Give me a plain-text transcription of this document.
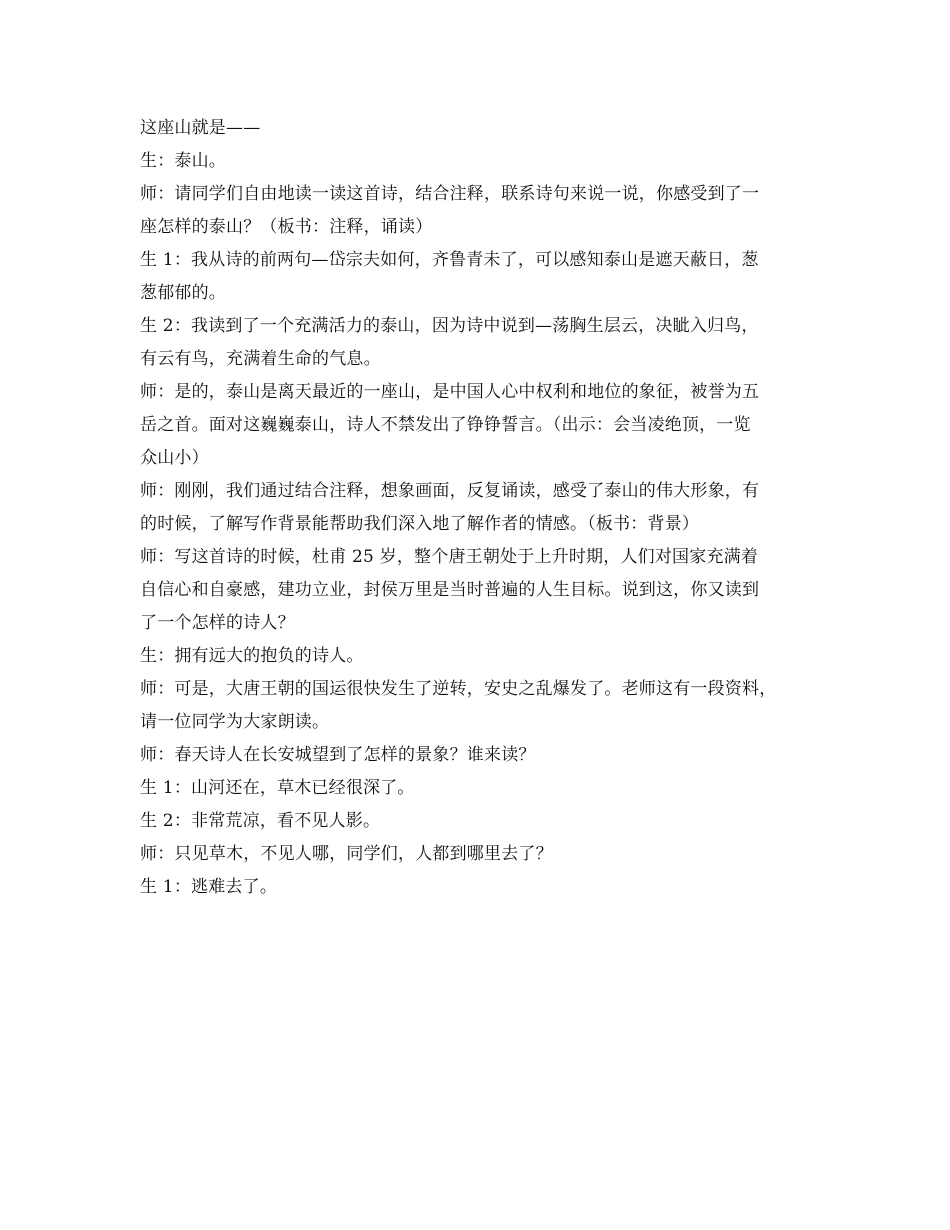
这座山就是——

生：泰山。

师：请同学们自由地读一读这首诗，结合注释，联系诗句来说一说，你感受到了一
座怎样的泰山？（板书：注释，诵读）

生 1：我从诗的前两句—岱宗夫如何，齐鲁青未了，可以感知泰山是遮天蔽日，葱
葱郁郁的。

生 2：我读到了一个充满活力的泰山，因为诗中说到—荡胸生层云，决眦入归鸟，
有云有鸟，充满着生命的气息。

师：是的，泰山是离天最近的一座山，是中国人心中权利和地位的象征，被誉为五
岳之首。面对这巍巍泰山，诗人不禁发出了铮铮誓言。（出示：会当凌绝顶，一览
众山小）

师：刚刚，我们通过结合注释，想象画面，反复诵读，感受了泰山的伟大形象，有
的时候，了解写作背景能帮助我们深入地了解作者的情感。（板书：背景）

师：写这首诗的时候，杜甫 25 岁，整个唐王朝处于上升时期，人们对国家充满着
自信心和自豪感，建功立业，封侯万里是当时普遍的人生目标。说到这，你又读到
了一个怎样的诗人？

生：拥有远大的抱负的诗人。

师：可是，大唐王朝的国运很快发生了逆转，安史之乱爆发了。老师这有一段资料，
请一位同学为大家朗读。

师：春天诗人在长安城望到了怎样的景象？谁来读？

生 1：山河还在，草木已经很深了。

生 2：非常荒凉，看不见人影。

师：只见草木，不见人哪，同学们，人都到哪里去了？

生 1：逃难去了。
